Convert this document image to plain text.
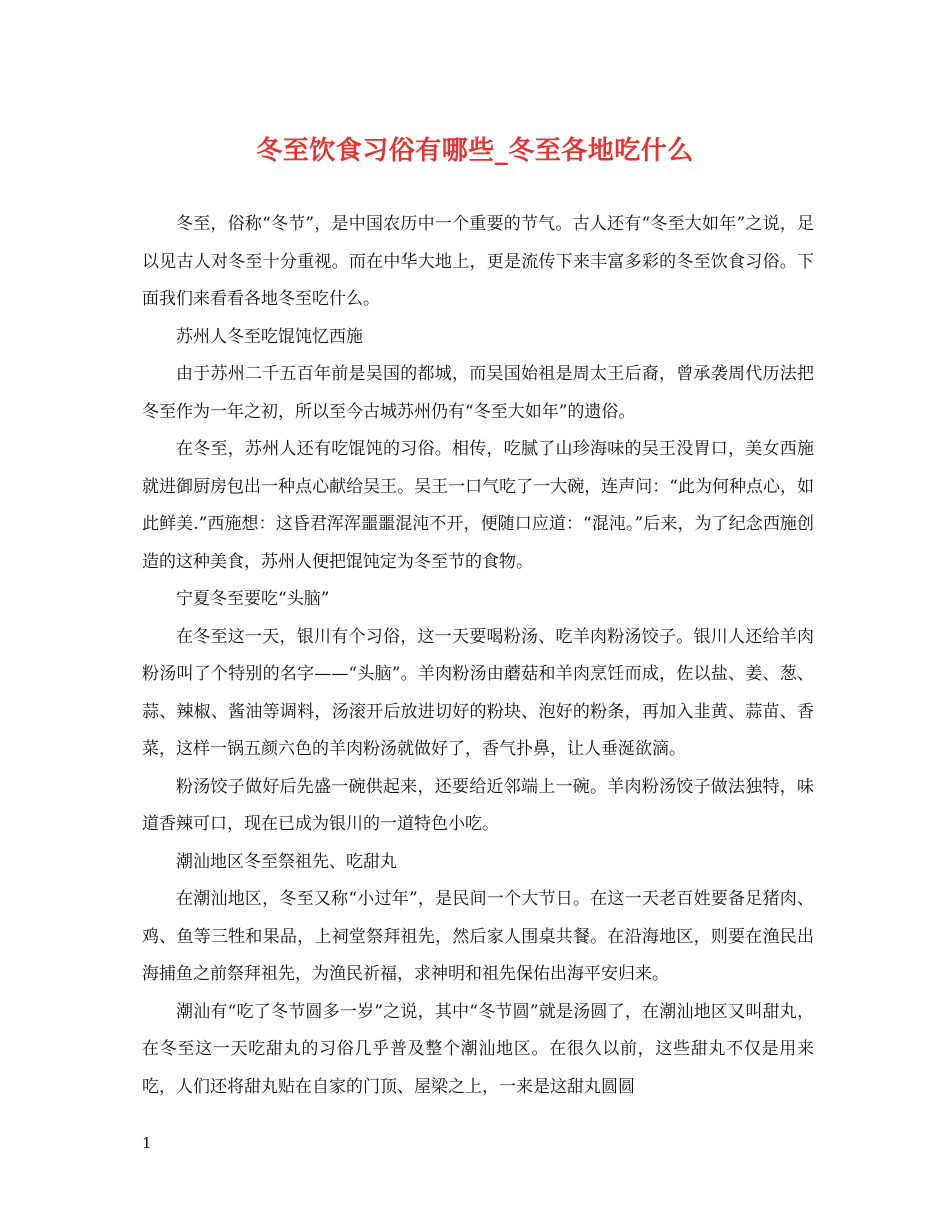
冬至饮食习俗有哪些_冬至各地吃什么

冬至，俗称“冬节”，是中国农历中一个重要的节气。古人还有“冬至大如年”之说，足以见古人对冬至十分重视。而在中华大地上，更是流传下来丰富多彩的冬至饮食习俗。下面我们来看看各地冬至吃什么。

苏州人冬至吃馄饨忆西施

由于苏州二千五百年前是吴国的都城，而吴国始祖是周太王后裔，曾承袭周代历法把冬至作为一年之初，所以至今古城苏州仍有“冬至大如年”的遗俗。

在冬至，苏州人还有吃馄饨的习俗。相传，吃腻了山珍海味的吴王没胃口，美女西施就进御厨房包出一种点心献给吴王。吴王一口气吃了一大碗，连声问：“此为何种点心，如此鲜美.”西施想：这昏君浑浑噩噩混沌不开，便随口应道：“混沌。”后来，为了纪念西施创造的这种美食，苏州人便把馄饨定为冬至节的食物。

宁夏冬至要吃“头脑”

在冬至这一天，银川有个习俗，这一天要喝粉汤、吃羊肉粉汤饺子。银川人还给羊肉粉汤叫了个特别的名字——“头脑”。羊肉粉汤由蘑菇和羊肉烹饪而成，佐以盐、姜、葱、蒜、辣椒、酱油等调料，汤滚开后放进切好的粉块、泡好的粉条，再加入韭黄、蒜苗、香菜，这样一锅五颜六色的羊肉粉汤就做好了，香气扑鼻，让人垂涎欲滴。

粉汤饺子做好后先盛一碗供起来，还要给近邻端上一碗。羊肉粉汤饺子做法独特，味道香辣可口，现在已成为银川的一道特色小吃。

潮汕地区冬至祭祖先、吃甜丸

在潮汕地区，冬至又称“小过年”，是民间一个大节日。在这一天老百姓要备足猪肉、鸡、鱼等三牲和果品，上祠堂祭拜祖先，然后家人围桌共餐。在沿海地区，则要在渔民出海捕鱼之前祭拜祖先，为渔民祈福，求神明和祖先保佑出海平安归来。

潮汕有“吃了冬节圆多一岁”之说，其中“冬节圆”就是汤圆了，在潮汕地区又叫甜丸，在冬至这一天吃甜丸的习俗几乎普及整个潮汕地区。在很久以前，这些甜丸不仅是用来吃，人们还将甜丸贴在自家的门顶、屋梁之上，一来是这甜丸圆圆

1
